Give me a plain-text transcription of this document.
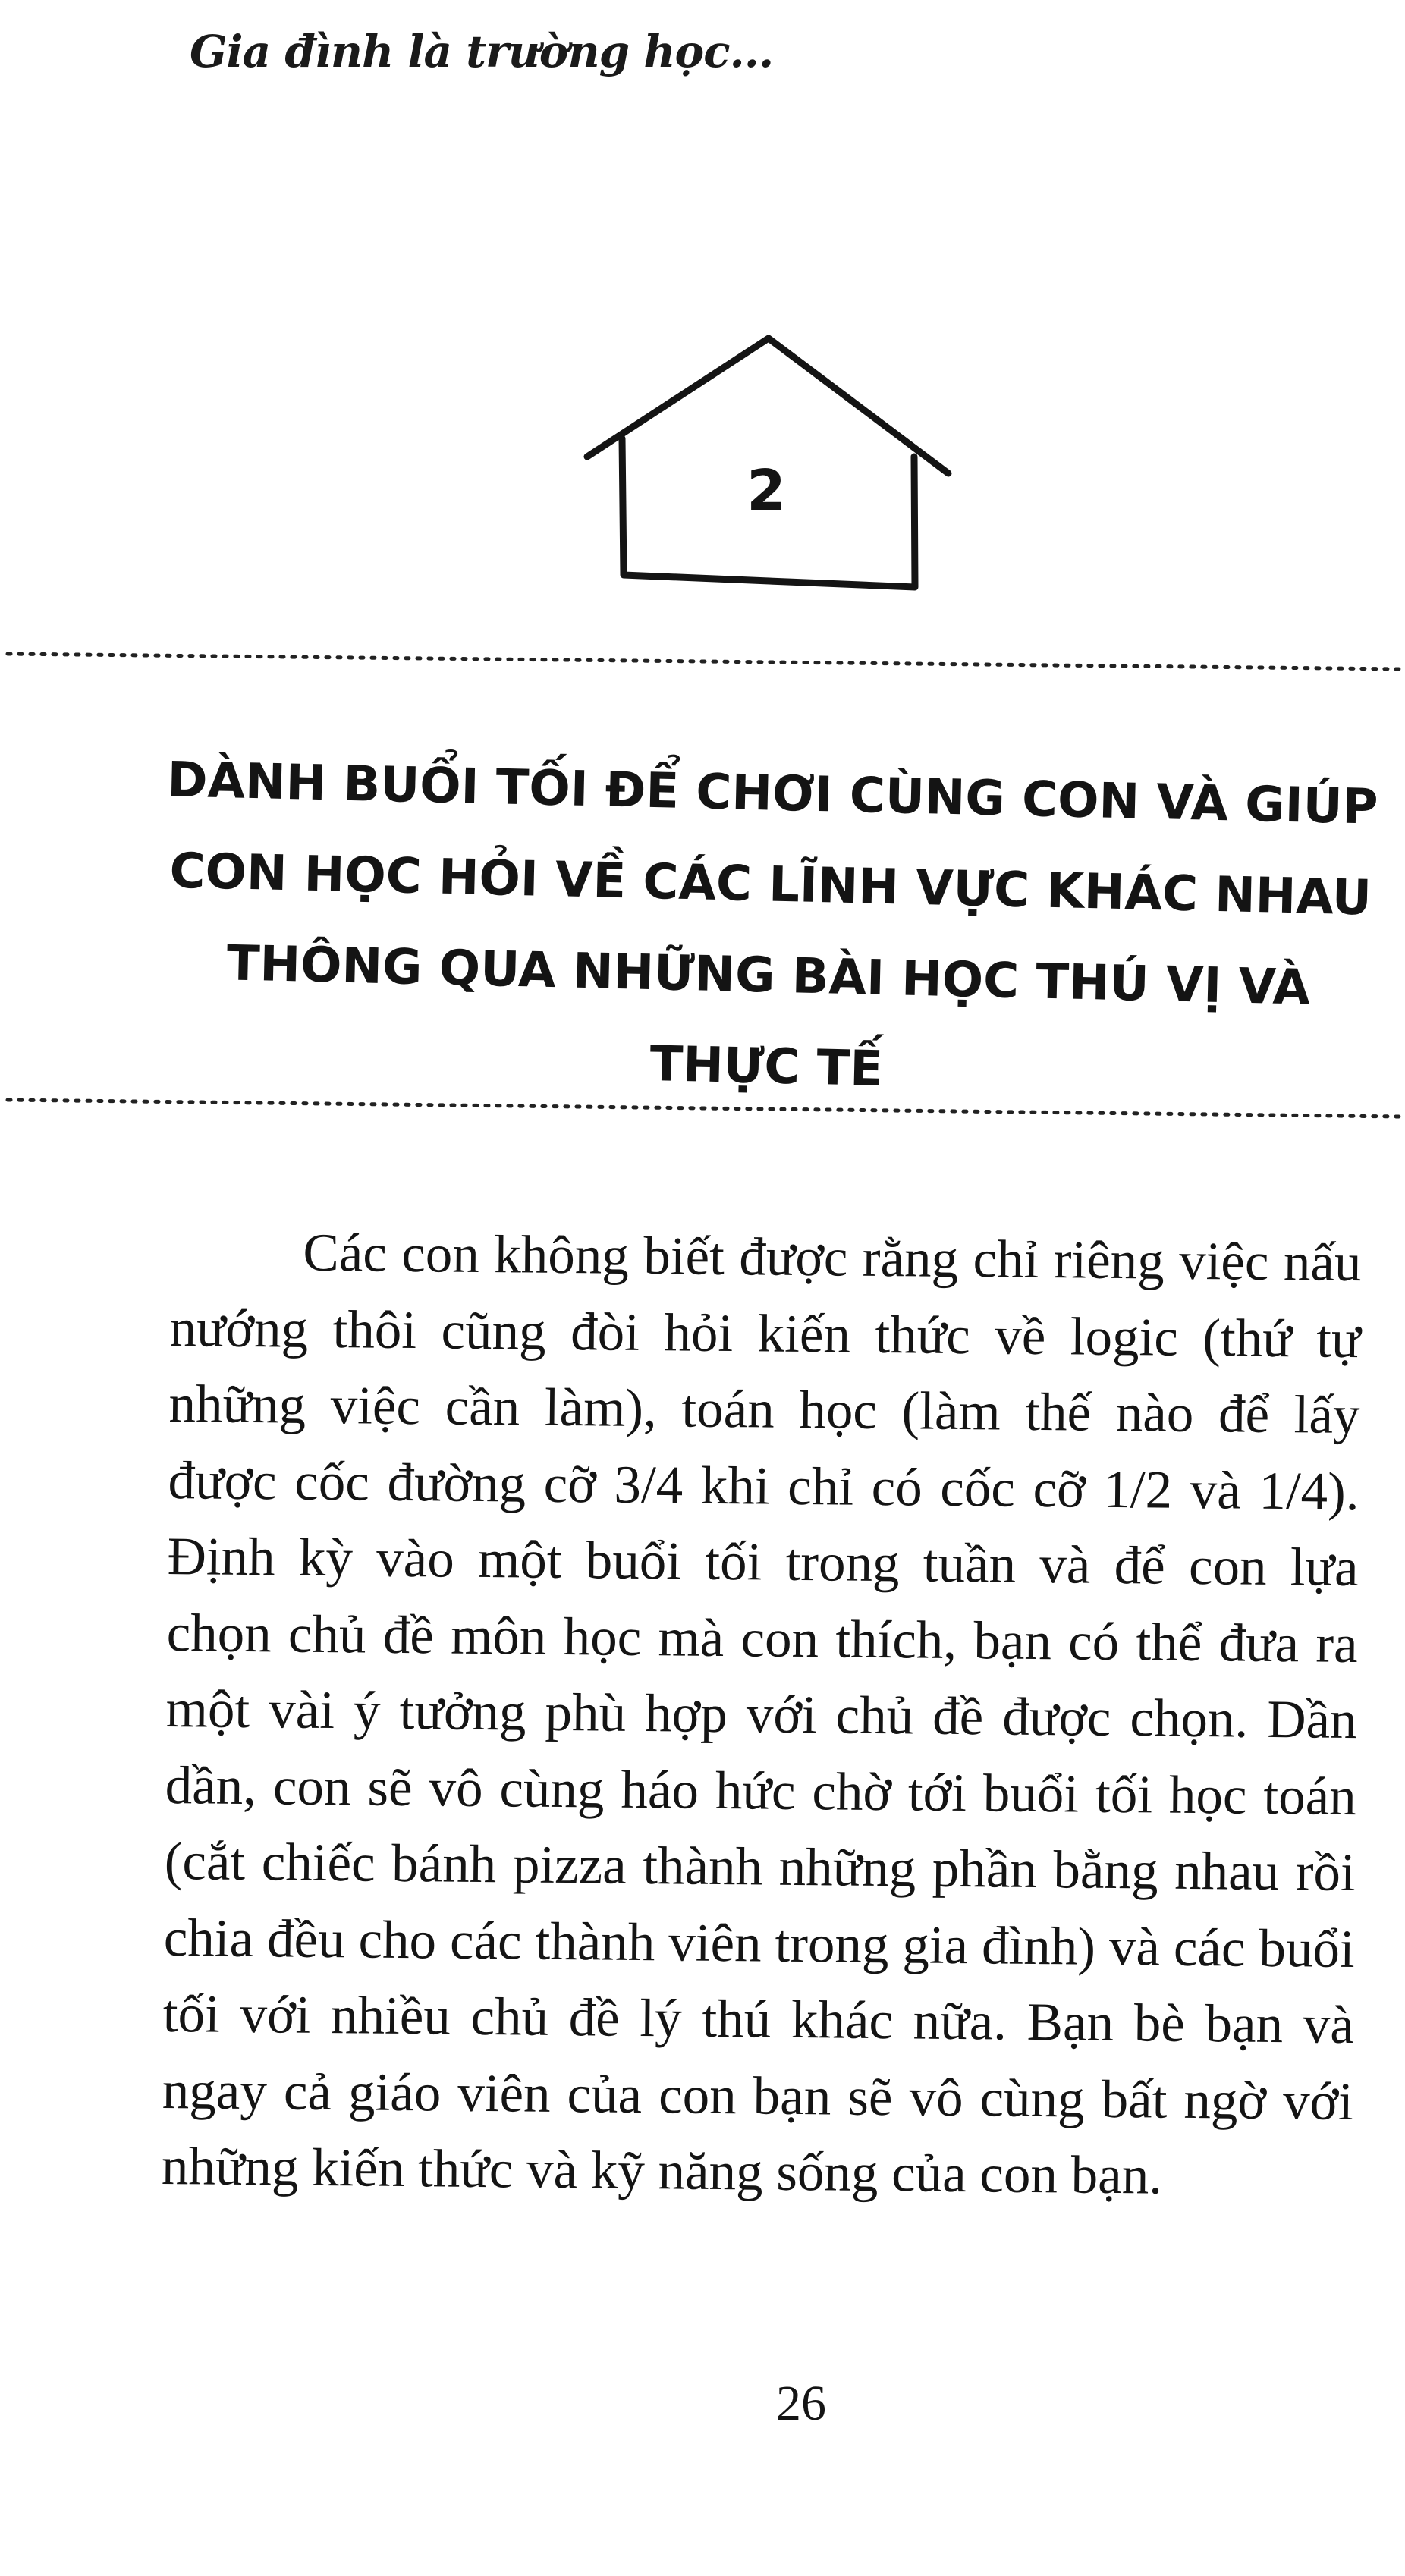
Gia đình là trường học...
2
DÀNH BUỔI TỐI ĐỂ CHƠI CÙNG CON VÀ GIÚP CON HỌC HỎI VỀ CÁC LĨNH VỰC KHÁC NHAU THÔNG QUA NHỮNG BÀI HỌC THÚ VỊ VÀ THỰC TẾ

Các con không biết được rằng chỉ riêng việc nấu nướng thôi cũng đòi hỏi kiến thức về logic (thứ tự những việc cần làm), toán học (làm thế nào để lấy được cốc đường cỡ 3/4 khi chỉ có cốc cỡ 1/2 và 1/4). Định kỳ vào một buổi tối trong tuần và để con lựa chọn chủ đề môn học mà con thích, bạn có thể đưa ra một vài ý tưởng phù hợp với chủ đề được chọn. Dần dần, con sẽ vô cùng háo hức chờ tới buổi tối học toán (cắt chiếc bánh pizza thành những phần bằng nhau rồi chia đều cho các thành viên trong gia đình) và các buổi tối với nhiều chủ đề lý thú khác nữa. Bạn bè bạn và ngay cả giáo viên của con bạn sẽ vô cùng bất ngờ với những kiến thức và kỹ năng sống của con bạn.

26
